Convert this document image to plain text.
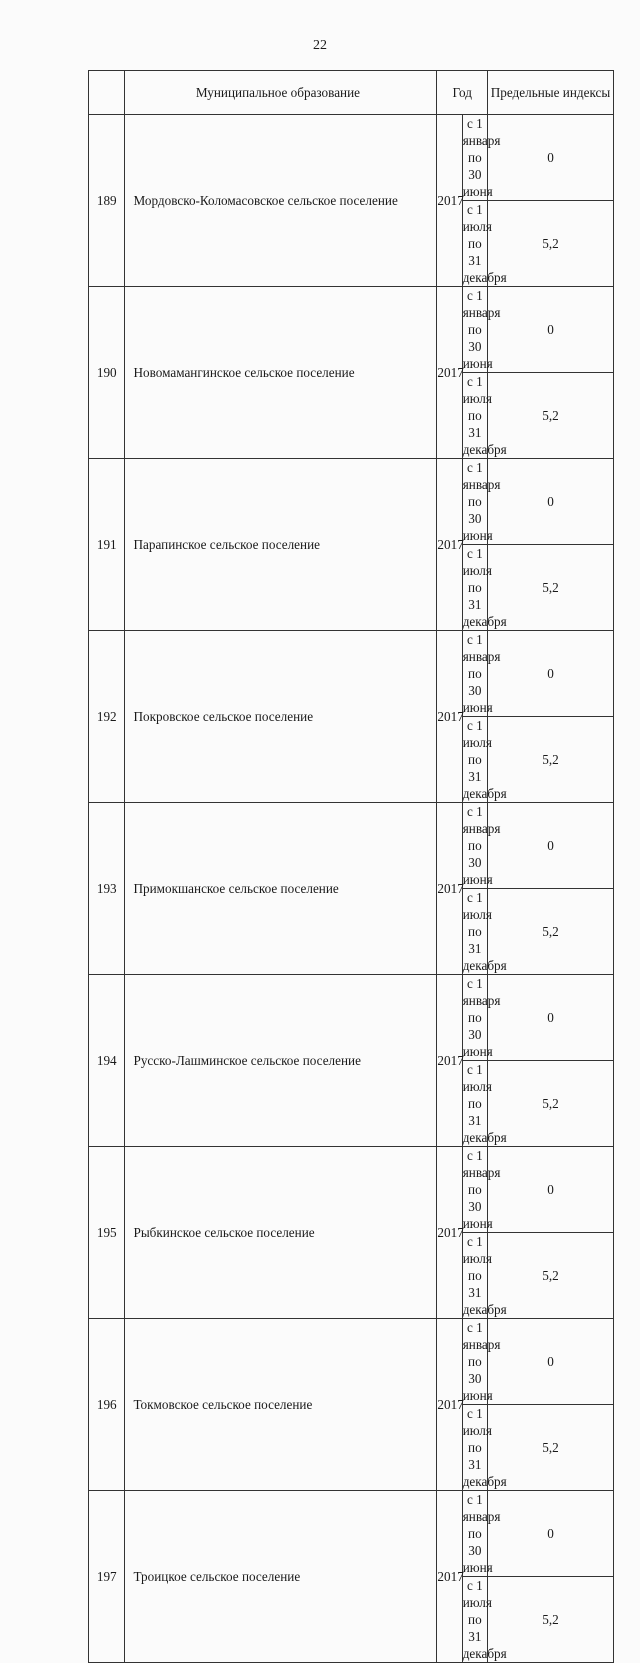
22
	Муниципальное образование	Год		Предельные индексы
189	Мордовско-Коломасовское сельское поселение	2017	с 1 января по 30 июня	0
			с 1 июля по 31 декабря	5,2
190	Новомамангинское сельское поселение	2017	с 1 января по 30 июня	0
			с 1 июля по 31 декабря	5,2
191	Парапинское сельское поселение	2017	с 1 января по 30 июня	0
			с 1 июля по 31 декабря	5,2
192	Покровское сельское поселение	2017	с 1 января по 30 июня	0
			с 1 июля по 31 декабря	5,2
193	Примокшанское сельское поселение	2017	с 1 января по 30 июня	0
			с 1 июля по 31 декабря	5,2
194	Русско-Лашминское сельское поселение	2017	с 1 января по 30 июня	0
			с 1 июля по 31 декабря	5,2
195	Рыбкинское сельское поселение	2017	с 1 января по 30 июня	0
			с 1 июля по 31 декабря	5,2
196	Токмовское сельское поселение	2017	с 1 января по 30 июня	0
			с 1 июля по 31 декабря	5,2
197	Троицкое сельское поселение	2017	с 1 января по 30 июня	0
			с 1 июля по 31 декабря	5,2
